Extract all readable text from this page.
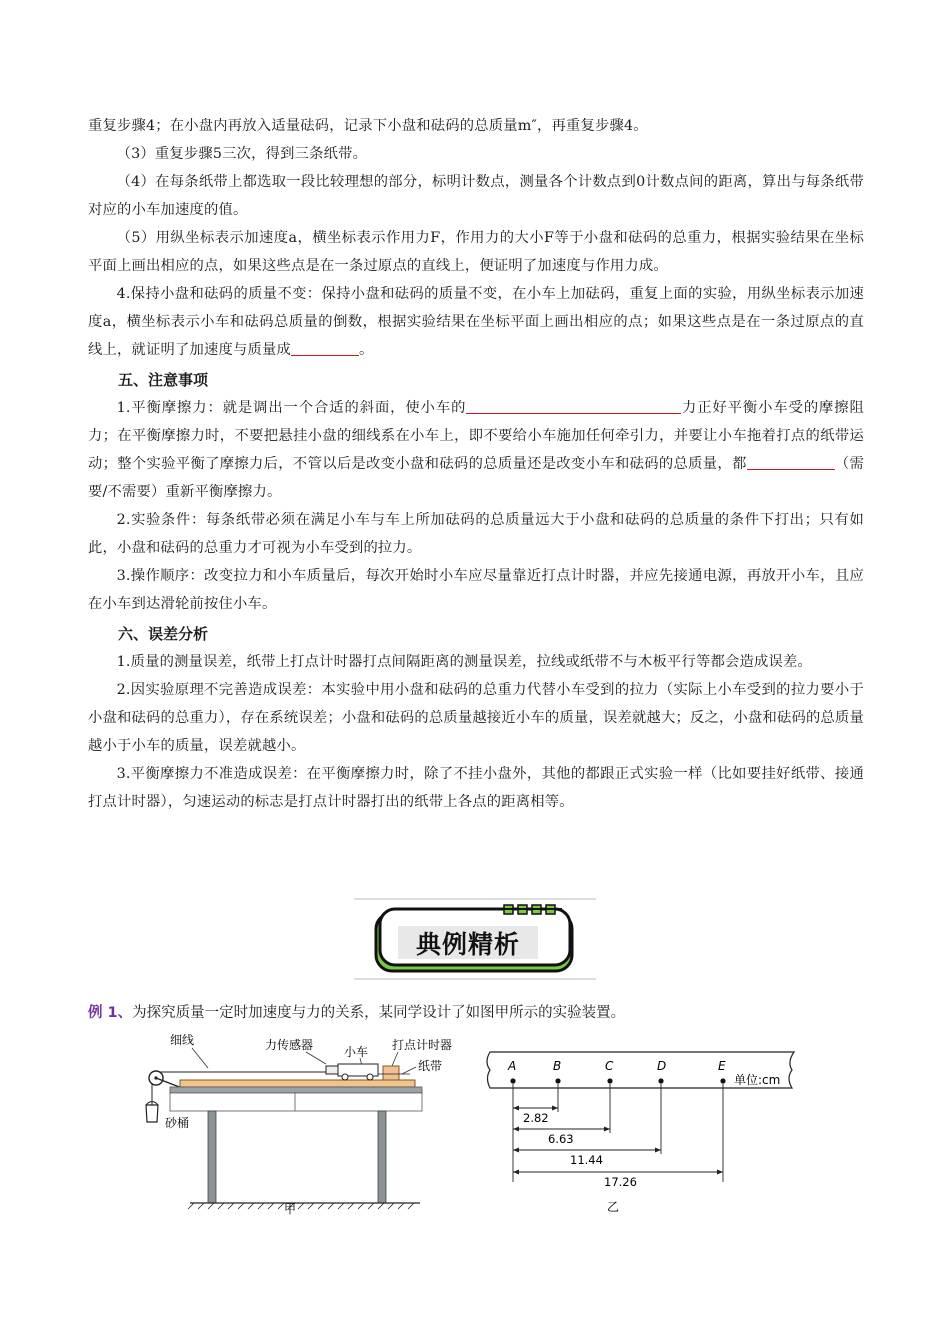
重复步骤4；在小盘内再放入适量砝码，记录下小盘和砝码的总质量m″，再重复步骤4。

（3）重复步骤5三次，得到三条纸带。

（4）在每条纸带上都选取一段比较理想的部分，标明计数点，测量各个计数点到0计数点间的距离，算出与每条纸带对应的小车加速度的值。

（5）用纵坐标表示加速度a，横坐标表示作用力F，作用力的大小F等于小盘和砝码的总重力，根据实验结果在坐标平面上画出相应的点，如果这些点是在一条过原点的直线上，便证明了加速度与作用力成。

4.保持小盘和砝码的质量不变：保持小盘和砝码的质量不变，在小车上加砝码，重复上面的实验，用纵坐标表示加速度a，横坐标表示小车和砝码总质量的倒数，根据实验结果在坐标平面上画出相应的点；如果这些点是在一条过原点的直线上，就证明了加速度与质量成	。

五、注意事项

1.平衡摩擦力：就是调出一个合适的斜面，使小车的	力正好平衡小车受的摩擦阻力；在平衡摩擦力时，不要把悬挂小盘的细线系在小车上，即不要给小车施加任何牵引力，并要让小车拖着打点的纸带运动；整个实验平衡了摩擦力后，不管以后是改变小盘和砝码的总质量还是改变小车和砝码的总质量，都	（需要/不需要）重新平衡摩擦力。

2.实验条件：每条纸带必须在满足小车与车上所加砝码的总质量远大于小盘和砝码的总质量的条件下打出；只有如此，小盘和砝码的总重力才可视为小车受到的拉力。

3.操作顺序：改变拉力和小车质量后，每次开始时小车应尽量靠近打点计时器，并应先接通电源，再放开小车，且应在小车到达滑轮前按住小车。

六、误差分析

1.质量的测量误差，纸带上打点计时器打点间隔距离的测量误差，拉线或纸带不与木板平行等都会造成误差。

2.因实验原理不完善造成误差：本实验中用小盘和砝码的总重力代替小车受到的拉力（实际上小车受到的拉力要小于小盘和砝码的总重力），存在系统误差；小盘和砝码的总质量越接近小车的质量，误差就越大；反之，小盘和砝码的总质量越小于小车的质量，误差就越小。

3.平衡摩擦力不准造成误差：在平衡摩擦力时，除了不挂小盘外，其他的都跟正式实验一样（比如要挂好纸带、接通打点计时器），匀速运动的标志是打点计时器打出的纸带上各点的距离相等。

典例精析
例 1、为探究质量一定时加速度与力的关系，某同学设计了如图甲所示的实验装置。
细线	力传感器	小车 打点计时器
纸带
砂桶
甲
A	B	C	D	E
单位:cm
2.82
6.63
11.44
17.26
乙
